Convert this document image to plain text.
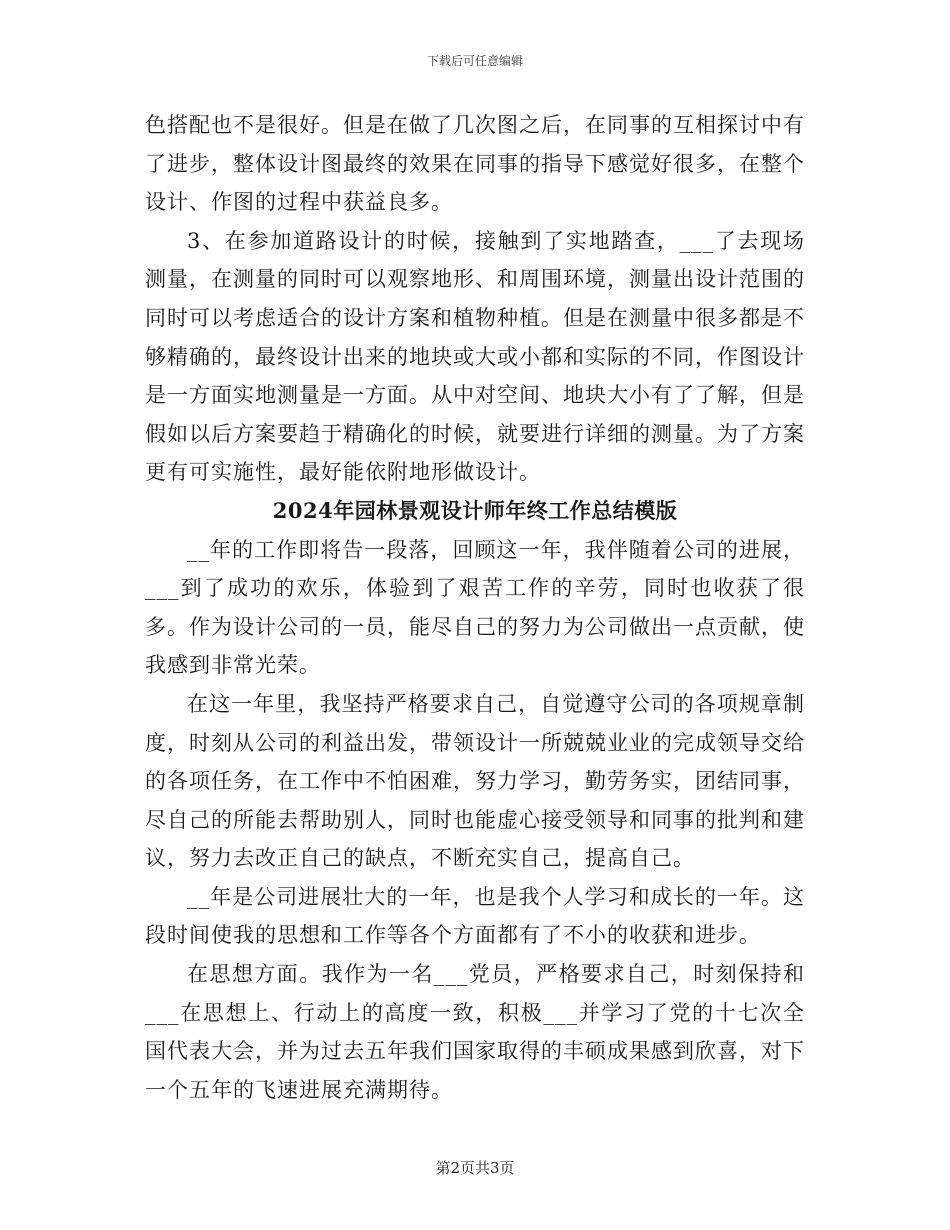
下载后可任意编辑

色搭配也不是很好。但是在做了几次图之后，在同事的互相探讨中有了进步，整体设计图最终的效果在同事的指导下感觉好很多，在整个设计、作图的过程中获益良多。

3、在参加道路设计的时候，接触到了实地踏查，___了去现场测量，在测量的同时可以观察地形、和周围环境，测量出设计范围的同时可以考虑适合的设计方案和植物种植。但是在测量中很多都是不够精确的，最终设计出来的地块或大或小都和实际的不同，作图设计是一方面实地测量是一方面。从中对空间、地块大小有了了解，但是假如以后方案要趋于精确化的时候，就要进行详细的测量。为了方案更有可实施性，最好能依附地形做设计。

2024年园林景观设计师年终工作总结模版

__年的工作即将告一段落，回顾这一年，我伴随着公司的进展，___到了成功的欢乐，体验到了艰苦工作的辛劳，同时也收获了很多。作为设计公司的一员，能尽自己的努力为公司做出一点贡献，使我感到非常光荣。

在这一年里，我坚持严格要求自己，自觉遵守公司的各项规章制度，时刻从公司的利益出发，带领设计一所兢兢业业的完成领导交给的各项任务，在工作中不怕困难，努力学习，勤劳务实，团结同事，尽自己的所能去帮助别人，同时也能虚心接受领导和同事的批判和建议，努力去改正自己的缺点，不断充实自己，提高自己。

__年是公司进展壮大的一年，也是我个人学习和成长的一年。这段时间使我的思想和工作等各个方面都有了不小的收获和进步。

在思想方面。我作为一名___党员，严格要求自己，时刻保持和___在思想上、行动上的高度一致，积极___并学习了党的十七次全国代表大会，并为过去五年我们国家取得的丰硕成果感到欣喜，对下一个五年的飞速进展充满期待。

第2页共3页
